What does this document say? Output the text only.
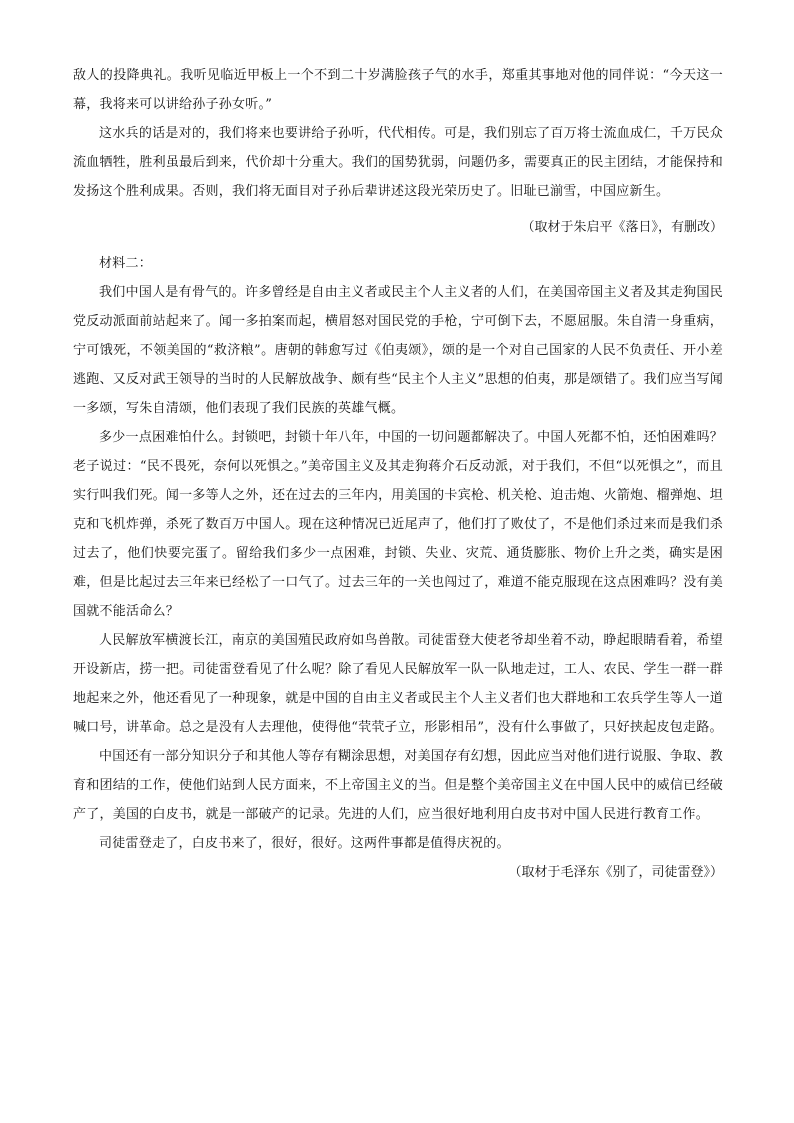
敌人的投降典礼。我听见临近甲板上一个不到二十岁满脸孩子气的水手，郑重其事地对他的同伴说：“今天这一幕，我将来可以讲给孙子孙女听。”

这水兵的话是对的，我们将来也要讲给子孙听，代代相传。可是，我们别忘了百万将士流血成仁，千万民众流血牺牲，胜利虽最后到来，代价却十分重大。我们的国势犹弱，问题仍多，需要真正的民主团结，才能保持和发扬这个胜利成果。否则，我们将无面目对子孙后辈讲述这段光荣历史了。旧耻已湔雪，中国应新生。

（取材于朱启平《落日》，有删改）

材料二：

我们中国人是有骨气的。许多曾经是自由主义者或民主个人主义者的人们，在美国帝国主义者及其走狗国民党反动派面前站起来了。闻一多拍案而起，横眉怒对国民党的手枪，宁可倒下去，不愿屈服。朱自清一身重病，宁可饿死，不领美国的“救济粮”。唐朝的韩愈写过《伯夷颂》，颂的是一个对自己国家的人民不负责任、开小差逃跑、又反对武王领导的当时的人民解放战争、颇有些“民主个人主义”思想的伯夷，那是颂错了。我们应当写闻一多颂，写朱自清颂，他们表现了我们民族的英雄气概。

多少一点困难怕什么。封锁吧，封锁十年八年，中国的一切问题都解决了。中国人死都不怕，还怕困难吗？老子说过：“民不畏死，奈何以死惧之。”美帝国主义及其走狗蒋介石反动派，对于我们，不但“以死惧之”，而且实行叫我们死。闻一多等人之外，还在过去的三年内，用美国的卡宾枪、机关枪、迫击炮、火箭炮、榴弹炮、坦克和飞机炸弹，杀死了数百万中国人。现在这种情况已近尾声了，他们打了败仗了，不是他们杀过来而是我们杀过去了，他们快要完蛋了。留给我们多少一点困难，封锁、失业、灾荒、通货膨胀、物价上升之类，确实是困难，但是比起过去三年来已经松了一口气了。过去三年的一关也闯过了，难道不能克服现在这点困难吗？没有美国就不能活命么？

人民解放军横渡长江，南京的美国殖民政府如鸟兽散。司徒雷登大使老爷却坐着不动，睁起眼睛看着，希望开设新店，捞一把。司徒雷登看见了什么呢？除了看见人民解放军一队一队地走过，工人、农民、学生一群一群地起来之外，他还看见了一种现象，就是中国的自由主义者或民主个人主义者们也大群地和工农兵学生等人一道喊口号，讲革命。总之是没有人去理他，使得他“茕茕孑立，形影相吊”，没有什么事做了，只好挟起皮包走路。

中国还有一部分知识分子和其他人等存有糊涂思想，对美国存有幻想，因此应当对他们进行说服、争取、教育和团结的工作，使他们站到人民方面来，不上帝国主义的当。但是整个美帝国主义在中国人民中的威信已经破产了，美国的白皮书，就是一部破产的记录。先进的人们，应当很好地利用白皮书对中国人民进行教育工作。

司徒雷登走了，白皮书来了，很好，很好。这两件事都是值得庆祝的。

（取材于毛泽东《别了，司徒雷登》）
